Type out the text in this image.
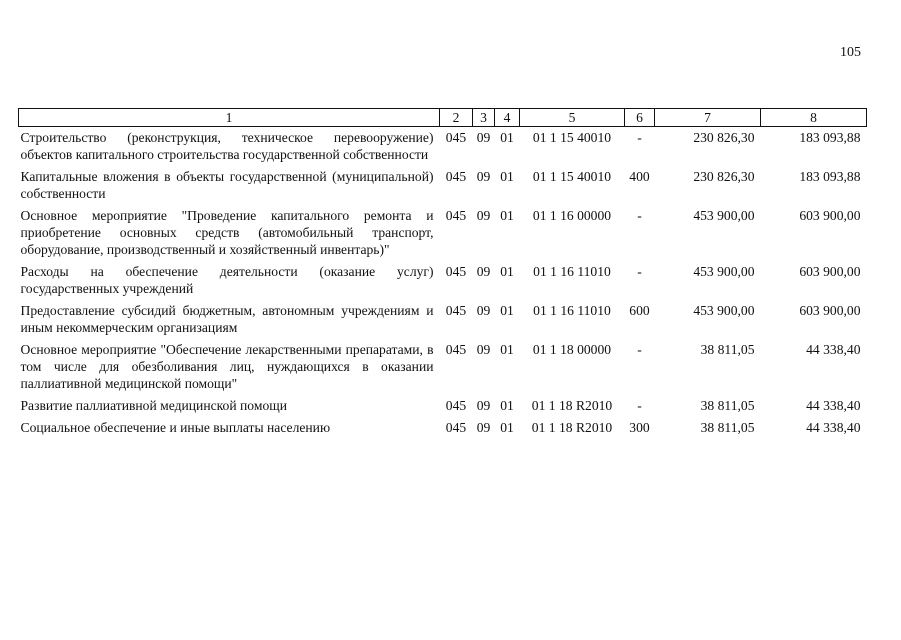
105
1	2	3	4	5	6	7	8
Строительство (реконструкция, техническое перевооружение) объектов капитального строительства государственной собственности	045	09	01	01 1 15 40010	-	230 826,30	183 093,88
Капитальные вложения в объекты государственной (муниципальной) собственности	045	09	01	01 1 15 40010	400	230 826,30	183 093,88
Основное мероприятие "Проведение капитального ремонта и приобретение основных средств (автомобильный транспорт, оборудование, производственный и хозяйственный инвентарь)"	045	09	01	01 1 16 00000	-	453 900,00	603 900,00
Расходы на обеспечение деятельности (оказание услуг) государственных учреждений	045	09	01	01 1 16 11010	-	453 900,00	603 900,00
Предоставление субсидий бюджетным, автономным учреждениям и иным некоммерческим организациям	045	09	01	01 1 16 11010	600	453 900,00	603 900,00
Основное мероприятие "Обеспечение лекарственными препаратами, в том числе для обезболивания лиц, нуждающихся в оказании паллиативной медицинской помощи"	045	09	01	01 1 18 00000	-	38 811,05	44 338,40
Развитие паллиативной медицинской помощи	045	09	01	01 1 18 R2010	-	38 811,05	44 338,40
Социальное обеспечение и иные выплаты населению	045	09	01	01 1 18 R2010	300	38 811,05	44 338,40
